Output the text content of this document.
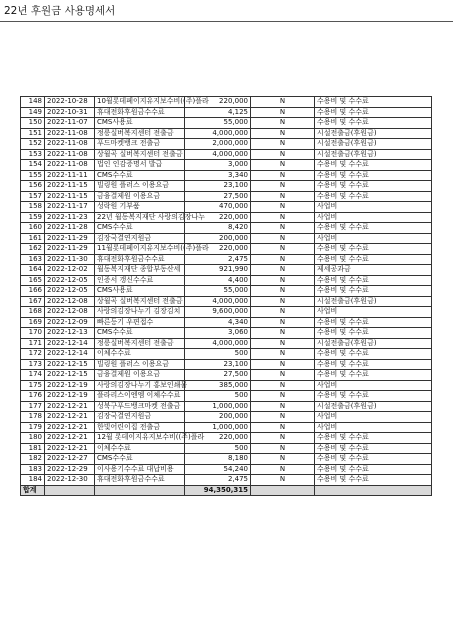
22년 후원금 사용명세서
148	2022-10-28	10월롯데페이지유지보수비((주)플라	220,000	N	수용비 및 수수료
149	2022-10-31	휴대전화후원금수수료	4,125	N	수용비 및 수수료
150	2022-11-07	CMS사용료	55,000	N	수용비 및 수수료
151	2022-11-08	정릉실버복지센터 전출금	4,000,000	N	시설전출금(후원금)
152	2022-11-08	푸드마켓뱅크 전출금	2,000,000	N	시설전출금(후원금)
153	2022-11-08	상월곡 실버복지센터 전출금	4,000,000	N	시설전출금(후원금)
154	2022-11-08	법인 인감증명서 발급	3,000	N	수용비 및 수수료
155	2022-11-11	CMS수수료	3,340	N	수용비 및 수수료
156	2022-11-15	빌링원 플러스 이용요금	23,100	N	수용비 및 수수료
157	2022-11-15	금융결제원 이용요금	27,500	N	수용비 및 수수료
158	2022-11-17	성락원 기부품	470,000	N	사업비
159	2022-11-23	22년 월동복지재단 사랑의김장나누	220,000	N	사업비
160	2022-11-28	CMS수수료	8,420	N	수용비 및 수수료
161	2022-11-29	김장국결연지원금	200,000	N	사업비
162	2022-11-29	11월롯데페이지유지보수비((주)플라	220,000	N	수용비 및 수수료
163	2022-11-30	휴대전화후원금수수료	2,475	N	수용비 및 수수료
164	2022-12-02	월동복지재단 종합부동산세	921,990	N	제세공과금
165	2022-12-05	인증서 갱신수수료	4,400	N	수용비 및 수수료
166	2022-12-05	CMS사용료	55,000	N	수용비 및 수수료
167	2022-12-08	상월곡 실버복지센터 전출금	4,000,000	N	시설전출금(후원금)
168	2022-12-08	사랑의김장나누기 김장김치	9,600,000	N	사업비
169	2022-12-09	빠른등기 우편접수	4,340	N	수용비 및 수수료
170	2022-12-13	CMS수수료	3,060	N	수용비 및 수수료
171	2022-12-14	정릉실버복지센터 전출금	4,000,000	N	시설전출금(후원금)
172	2022-12-14	이체수수료	500	N	수용비 및 수수료
173	2022-12-15	빌링원 플러스 이용요금	23,100	N	수용비 및 수수료
174	2022-12-15	금융결제원 이용요금	27,500	N	수용비 및 수수료
175	2022-12-19	사랑의김장나누기 홍보인쇄물	385,000	N	사업비
176	2022-12-19	플라리스이엔엠 이체수수료	500	N	수용비 및 수수료
177	2022-12-21	성북구푸드뱅크마켓 전출금	1,000,000	N	시설전출금(후원금)
178	2022-12-21	김장국결연지원금	200,000	N	사업비
179	2022-12-21	한빛어린이집 전출금	1,000,000	N	사업비
180	2022-12-21	12월 롯데이지유지보수비((주)플라	220,000	N	수용비 및 수수료
181	2022-12-21	이체수수료	500	N	수용비 및 수수료
182	2022-12-27	CMS수수료	8,180	N	수용비 및 수수료
183	2022-12-29	이사용기수수료 대납비용	54,240	N	수용비 및 수수료
184	2022-12-30	휴대전화후원금수수료	2,475	N	수용비 및 수수료
합계			94,350,315		
